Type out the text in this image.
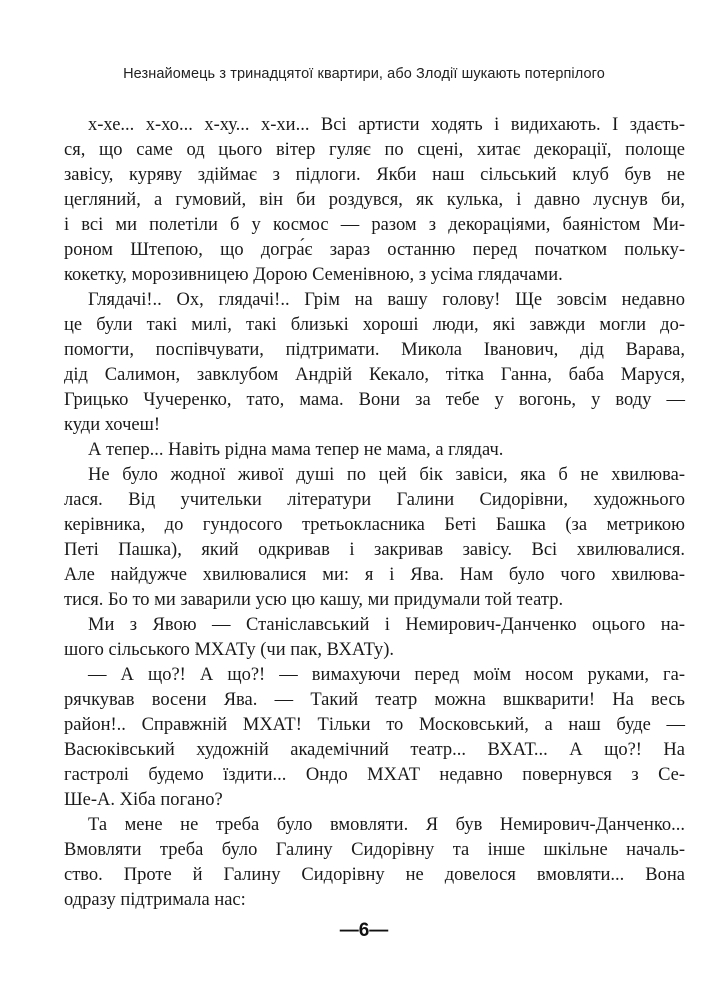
Незнайомець з тринадцятої квартири, або Злодії шукають потерпілого
х-хе... х-хо... х-ху... х-хи... Всі артисти ходять і видихають. І здаєть-
ся, що саме од цього вітер гуляє по сцені, хитає декорації, полоще
завісу, куряву здіймає з підлоги. Якби наш сільський клуб був не
цегляний, а гумовий, він би роздувся, як кулька, і давно луснув би,
і всі ми полетіли б у космос — разом з декораціями, баяністом Ми-
роном Штепою, що догра́є зараз останню перед початком польку-
кокетку, морозивницею Дорою Семенівною, з усіма глядачами.
Глядачі!.. Ох, глядачі!.. Грім на вашу голову! Ще зовсім недавно
це були такі милі, такі близькі хороші люди, які завжди могли до-
помогти, поспівчувати, підтримати. Микола Іванович, дід Варава,
дід Салимон, завклубом Андрій Кекало, тітка Ганна, баба Маруся,
Грицько Чучеренко, тато, мама. Вони за тебе у вогонь, у воду —
куди хочеш!
А тепер... Навіть рідна мама тепер не мама, а глядач.
Не було жодної живої душі по цей бік завіси, яка б не хвилюва-
лася. Від учительки літератури Галини Сидорівни, художнього
керівника, до гундосого третьокласника Беті Башка (за метрикою
Петі Пашка), який одкривав і закривав завісу. Всі хвилювалися.
Але найдужче хвилювалися ми: я і Ява. Нам було чого хвилюва-
тися. Бо то ми заварили усю цю кашу, ми придумали той театр.
Ми з Явою — Станіславський і Немирович-Данченко оцього на-
шого сільського МХАТу (чи пак, ВХАТу).
— А що?! А що?! — вимахуючи перед моїм носом руками, га-
рячкував восени Ява. — Такий театр можна вшкварити! На весь
район!.. Справжній МХАТ! Тільки то Московський, а наш буде —
Васюківський художній академічний театр... ВХАТ... А що?! На
гастролі будемо їздити... Ондо МХАТ недавно повернувся з Се-
Ше-А. Хіба погано?
Та мене не треба було вмовляти. Я був Немирович-Данченко...
Вмовляти треба було Галину Сидорівну та інше шкільне началь-
ство. Проте й Галину Сидорівну не довелося вмовляти... Вона
одразу підтримала нас:
—6—
